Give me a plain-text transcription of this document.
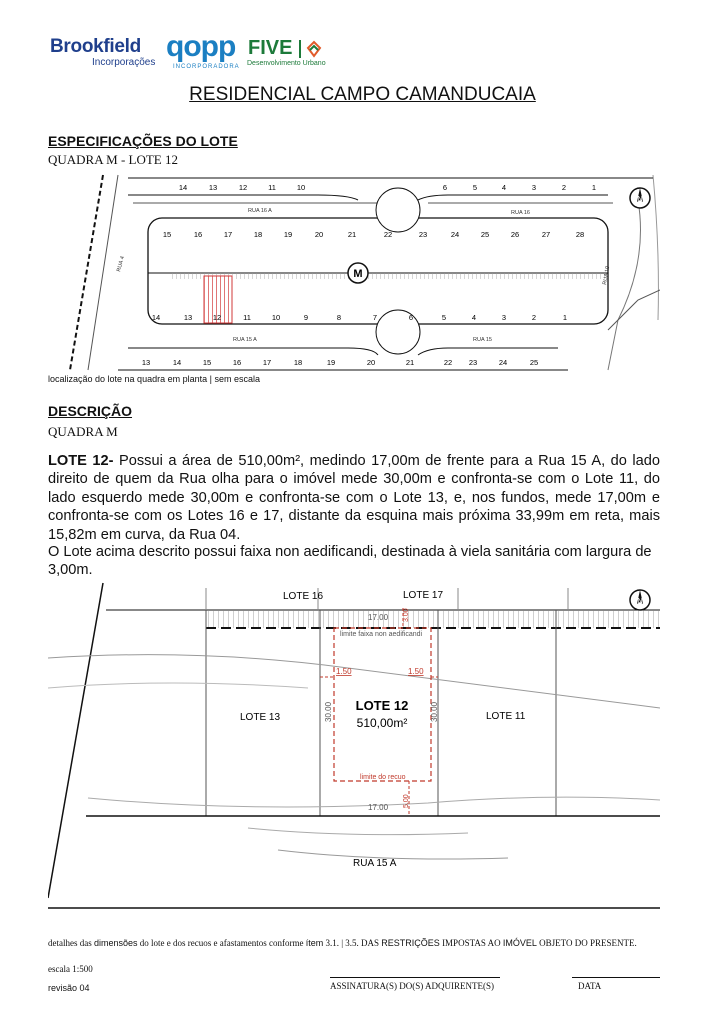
Brookfield
Incorporações qopp
INCORPORADORA
FIVE
Desenvolvimento Urbano
RESIDENCIAL CAMPO CAMANDUCAIA
ESPECIFICAÇÕES DO LOTE
QUADRA M - LOTE 12
M
N
14	13	12	11	10	6	5	4	3	2	1
15	16	17	18	19	20	21	22	23	24	25	26	27	28
14	13	12	11	10	9	8	7	6	5	4	3	2	1
13	14	15	16	17	18	19	20	21	22 23	24	25
RUA 16 A	RUA 16
RUA 15 A	RUA 15
RUA 4
RUA 10
localização do lote na quadra em planta | sem escala
DESCRIÇÃO
QUADRA M
LOTE 12- Possui a área de 510,00m², medindo 17,00m de frente para a Rua 15 A, do lado direito de quem da Rua olha para o imóvel mede 30,00m e confronta-se com o Lote 11, do lado esquerdo mede 30,00m e confronta-se com o Lote 13, e, nos fundos, mede 17,00m e confronta-se com os Lotes 16 e 17, distante da esquina mais próxima 33,99m em reta, mais 15,82m em curva, da Rua 04.
O Lote acima descrito possui faixa non aedificandi, destinada à viela sanitária com largura de 3,00m.
N
LOTE 16	LOTE 17
17.00 3.00
limite faixa non aedificandi
1.50	1.50
LOTE 13	LOTE 11
LOTE 12
510,00m²
30.00	30.00
limite do recuo
5.00
17.00
RUA 15 A
detalhes das dimensões do lote e dos recuos e afastamentos conforme ítem 3.1. | 3.5. DAS RESTRIÇÕES IMPOSTAS AO IMÓVEL OBJETO DO PRESENTE.
escala 1:500
revisão 04	ASSINATURA(S) DO(S) ADQUIRENTE(S)	DATA
